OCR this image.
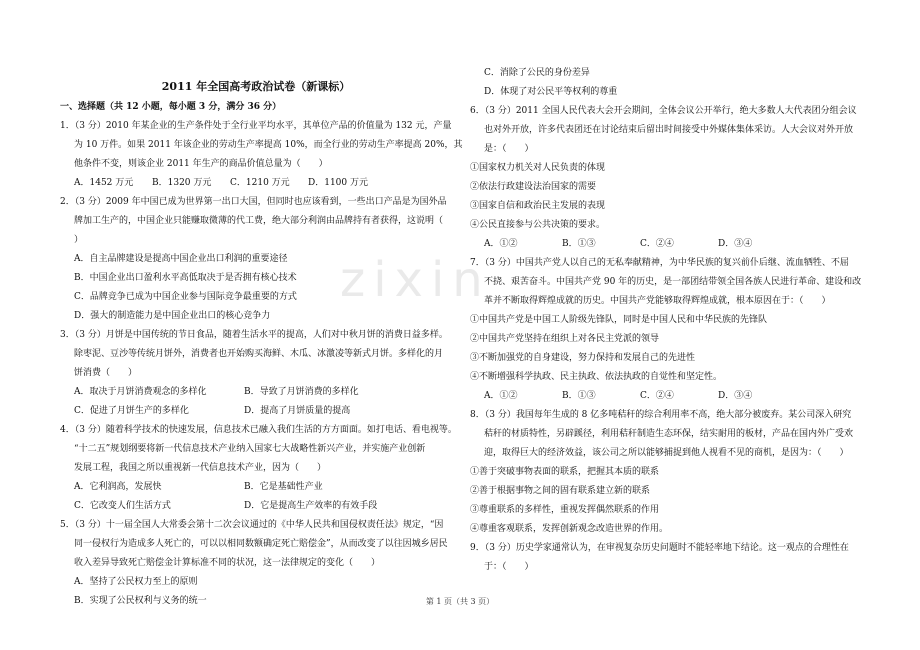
zixin
2011 年全国高考政治试卷（新课标）
一、选择题（共 12 小题，每小题 3 分，满分 36 分）
1．（3 分）2010 年某企业的生产条件处于全行业平均水平，其单位产品的价值量为 132 元，产量
为 10 万件。如果 2011 年该企业的劳动生产率提高 10%，而全行业的劳动生产率提高 20%，其
他条件不变，则该企业 2011 年生产的商品价值总量为（　　）
A．1452 万元	B．1320 万元	C．1210 万元	D．1100 万元
2．（3 分）2009 年中国已成为世界第一出口大国，但同时也应该看到，一些出口产品是为国外品
牌加工生产的，中国企业只能赚取微薄的代工费，绝大部分利润由品牌持有者获得，这说明（
）
A．自主品牌建设是提高中国企业出口利润的重要途径
B．中国企业出口盈利水平高低取决于是否拥有核心技术
C．品牌竞争已成为中国企业参与国际竞争最重要的方式
D．强大的制造能力是中国企业出口的核心竞争力
3．（3 分）月饼是中国传统的节日食品，随着生活水平的提高，人们对中秋月饼的消费日益多样。
除枣泥、豆沙等传统月饼外，消费者也开始购买海鲜、木瓜、冰激凌等新式月饼。多样化的月
饼消费（　　）
A．取决于月饼消费观念的多样化	B．导致了月饼消费的多样化
C．促进了月饼生产的多样化	D．提高了月饼质量的提高
4．（3 分）随着科学技术的快速发展，信息技术已融入我们生活的方方面面。如打电话、看电视等。
“十二五”规划纲要将新一代信息技术产业纳入国家七大战略性新兴产业，并实施产业创新
发展工程，我国之所以重视新一代信息技术产业，因为（　　）
A．它利润高，发展快	B．它是基础性产业
C．它改变人们生活方式	D．它是提高生产效率的有效手段
5．（3 分）十一届全国人大常委会第十二次会议通过的《中华人民共和国侵权责任法》规定，“因
同一侵权行为造成多人死亡的，可以以相同数额确定死亡赔偿金”，从而改变了以往因城乡居民
收入差异导致死亡赔偿金计算标准不同的状况，这一法律规定的变化（　　）
A．坚持了公民权力至上的原则
B．实现了公民权利与义务的统一
C．消除了公民的身份差异
D．体现了对公民平等权利的尊重
6．（3 分）2011 全国人民代表大会开会期间，全体会议公开举行，绝大多数人大代表团分组会议
也对外开放，许多代表团还在讨论结束后留出时间接受中外媒体集体采访。人大会议对外开放
是：（　　）
①国家权力机关对人民负责的体现
②依法行政建设法治国家的需要
③国家自信和政治民主发展的表现
④公民直接参与公共决策的要求。
A．①②	B．①③	C．②④	D．③④
7．（3 分）中国共产党人以自己的无私奉献精神，为中华民族的复兴前仆后继、流血牺牲、不屈
不挠、艰苦奋斗。中国共产党 90 年的历史，是一部团结带领全国各族人民进行革命、建设和改
革并不断取得辉煌成就的历史。中国共产党能够取得辉煌成就，根本原因在于：（　　）
①中国共产党是中国工人阶级先锋队，同时是中国人民和中华民族的先锋队
②中国共产党坚持在组织上对各民主党派的领导
③不断加强党的自身建设，努力保持和发展自己的先进性
④不断增强科学执政、民主执政、依法执政的自觉性和坚定性。
A．①②	B．①③	C．②④	D．③④
8．（3 分）我国每年生成的 8 亿多吨秸秆的综合利用率不高，绝大部分被废弃。某公司深入研究
秸秆的材质特性，另辟蹊径，利用秸秆制造生态环保，结实耐用的板材，产品在国内外广受欢
迎，取得巨大的经济效益，该公司之所以能够捕捉到他人视看不见的商机，是因为：（　　）
①善于突破事物表面的联系，把握其本质的联系
②善于根据事物之间的固有联系建立新的联系
③尊重联系的多样性，重视发挥偶然联系的作用
④尊重客观联系，发挥创新观念改造世界的作用。
9．（3 分）历史学家通常认为，在审视复杂历史问题时不能轻率地下结论。这一观点的合理性在
于：（　　）
第 1 页（共 3 页）
